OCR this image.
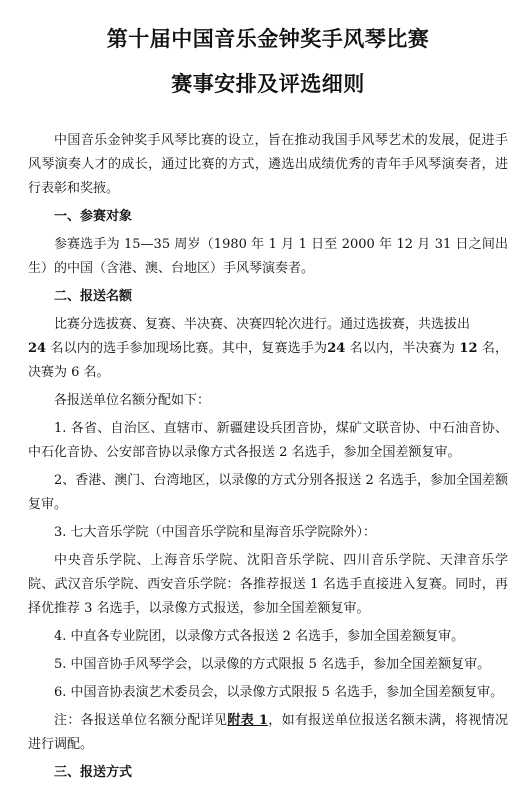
第十届中国音乐金钟奖手风琴比赛
赛事安排及评选细则

中国音乐金钟奖手风琴比赛的设立，旨在推动我国手风琴艺术的发展，促进手风琴演奏人才的成长，通过比赛的方式，遴选出成绩优秀的青年手风琴演奏者，进行表彰和奖掖。

一、参赛对象

参赛选手为 15—35 周岁（1980 年 1 月 1 日至 2000 年 12 月 31 日之间出生）的中国（含港、澳、台地区）手风琴演奏者。

二、报送名额

比赛分选拔赛、复赛、半决赛、决赛四轮次进行。通过选拔赛，共选拔出
24 名以内的选手参加现场比赛。其中，复赛选手为24 名以内，半决赛为 12 名，决赛为 6 名。

各报送单位名额分配如下：

1. 各省、自治区、直辖市、新疆建设兵团音协，煤矿文联音协、中石油音协、中石化音协、公安部音协以录像方式各报送 2 名选手，参加全国差额复审。

2、香港、澳门、台湾地区，以录像的方式分别各报送 2 名选手，参加全国差额复审。

3. 七大音乐学院（中国音乐学院和星海音乐学院除外）：

中央音乐学院、上海音乐学院、沈阳音乐学院、四川音乐学院、天津音乐学院、武汉音乐学院、西安音乐学院：各推荐报送 1 名选手直接进入复赛。同时，再择优推荐 3 名选手，以录像方式报送，参加全国差额复审。

4. 中直各专业院团，以录像方式各报送 2 名选手，参加全国差额复审。

5. 中国音协手风琴学会，以录像的方式限报 5 名选手，参加全国差额复审。

6. 中国音协表演艺术委员会，以录像方式限报 5 名选手，参加全国差额复审。

注：各报送单位名额分配详见附表 1，如有报送单位报送名额未满，将视情况进行调配。

三、报送方式
